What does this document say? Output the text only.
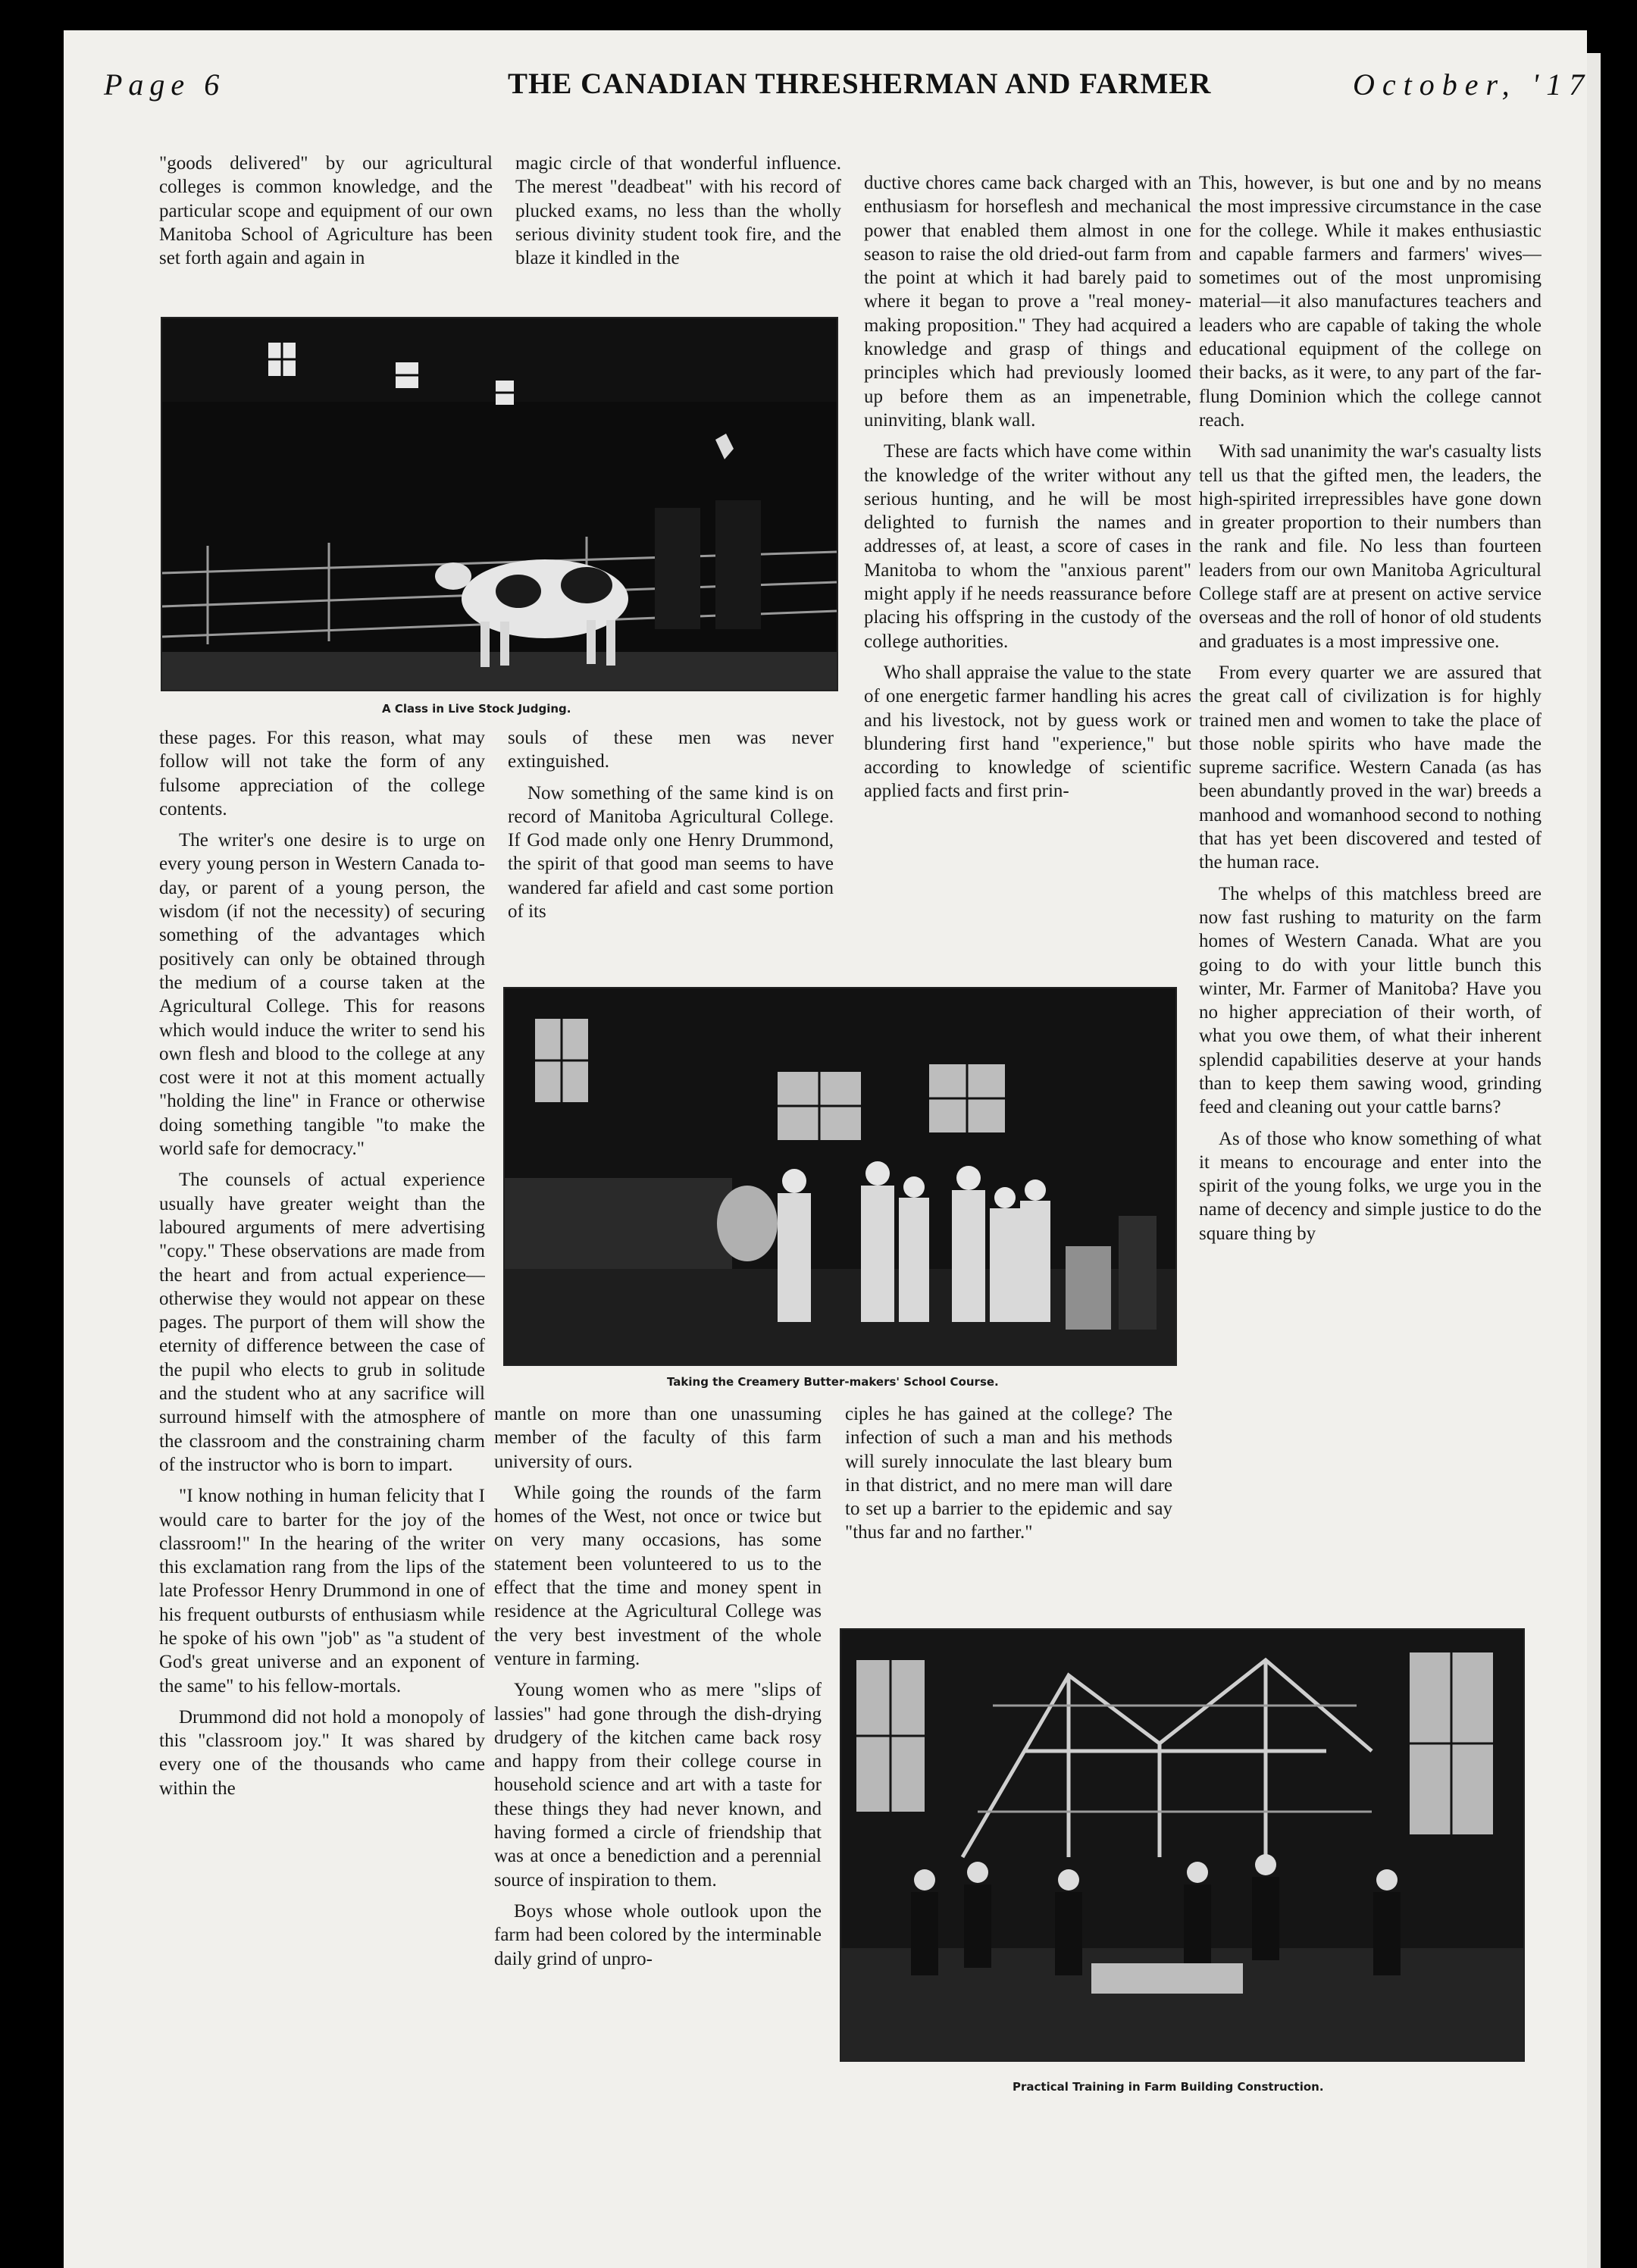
Page 6	THE CANADIAN THRESHERMAN AND FARMER	October, '17

"goods delivered" by our agricultural colleges is common knowledge, and the particular scope and equipment of our own Manitoba School of Agriculture has been set forth again and again in

magic circle of that wonderful influence. The merest "deadbeat" with his record of plucked exams, no less than the wholly serious divinity student took fire, and the blaze it kindled in the

A Class in Live Stock Judging.

these pages. For this reason, what may follow will not take the form of any fulsome appreciation of the college contents.

The writer's one desire is to urge on every young person in Western Canada to-day, or parent of a young person, the wisdom (if not the necessity) of securing something of the advantages which positively can only be obtained through the medium of a course taken at the Agricultural College. This for reasons which would induce the writer to send his own flesh and blood to the college at any cost were it not at this moment actually "holding the line" in France or otherwise doing something tangible "to make the world safe for democracy."

The counsels of actual experience usually have greater weight than the laboured arguments of mere advertising "copy." These observations are made from the heart and from actual experience—otherwise they would not appear on these pages. The purport of them will show the eternity of difference between the case of the pupil who elects to grub in solitude and the student who at any sacrifice will surround himself with the atmosphere of the classroom and the constraining charm of the instructor who is born to impart.

"I know nothing in human felicity that I would care to barter for the joy of the classroom!" In the hearing of the writer this exclamation rang from the lips of the late Professor Henry Drummond in one of his frequent outbursts of enthusiasm while he spoke of his own "job" as "a student of God's great universe and an exponent of the same" to his fellow-mortals.

Drummond did not hold a monopoly of this "classroom joy." It was shared by every one of the thousands who came within the

souls of these men was never extinguished.

Now something of the same kind is on record of Manitoba Agricultural College. If God made only one Henry Drummond, the spirit of that good man seems to have wandered far afield and cast some portion of its

ductive chores came back charged with an enthusiasm for horseflesh and mechanical power that enabled them almost in one season to raise the old dried-out farm from the point at which it had barely paid to where it began to prove a "real money-making proposition." They had acquired a knowledge and grasp of things and principles which had previously loomed up before them as an impenetrable, uninviting, blank wall.

These are facts which have come within the knowledge of the writer without any serious hunting, and he will be most delighted to furnish the names and addresses of, at least, a score of cases in Manitoba to whom the "anxious parent" might apply if he needs reassurance before placing his offspring in the custody of the college authorities.

Who shall appraise the value to the state of one energetic farmer handling his acres and his livestock, not by guess work or blundering first hand "experience," but according to knowledge of scientific applied facts and first prin-

Taking the Creamery Butter-makers' School Course.

mantle on more than one unassuming member of the faculty of this farm university of ours.

While going the rounds of the farm homes of the West, not once or twice but on very many occasions, has some statement been volunteered to us to the effect that the time and money spent in residence at the Agricultural College was the very best investment of the whole venture in farming.

Young women who as mere "slips of lassies" had gone through the dish-drying drudgery of the kitchen came back rosy and happy from their college course in household science and art with a taste for these things they had never known, and having formed a circle of friendship that was at once a benediction and a perennial source of inspiration to them.

Boys whose whole outlook upon the farm had been colored by the interminable daily grind of unpro-

ciples he has gained at the college? The infection of such a man and his methods will surely innoculate the last bleary bum in that district, and no mere man will dare to set up a barrier to the epidemic and say "thus far and no farther."

This, however, is but one and by no means the most impressive circumstance in the case for the college. While it makes enthusiastic and capable farmers and farmers' wives—sometimes out of the most unpromising material—it also manufactures teachers and leaders who are capable of taking the whole educational equipment of the college on their backs, as it were, to any part of the far-flung Dominion which the college cannot reach.

With sad unanimity the war's casualty lists tell us that the gifted men, the leaders, the high-spirited irrepressibles have gone down in greater proportion to their numbers than the rank and file. No less than fourteen leaders from our own Manitoba Agricultural College staff are at present on active service overseas and the roll of honor of old students and graduates is a most impressive one.

From every quarter we are assured that the great call of civilization is for highly trained men and women to take the place of those noble spirits who have made the supreme sacrifice. Western Canada (as has been abundantly proved in the war) breeds a manhood and womanhood second to nothing that has yet been discovered and tested of the human race.

The whelps of this matchless breed are now fast rushing to maturity on the farm homes of Western Canada. What are you going to do with your little bunch this winter, Mr. Farmer of Manitoba? Have you no higher appreciation of their worth, of what you owe them, of what their inherent splendid capabilities deserve at your hands than to keep them sawing wood, grinding feed and cleaning out your cattle barns?

As of those who know something of what it means to encourage and enter into the spirit of the young folks, we urge you in the name of decency and simple justice to do the square thing by

Practical Training in Farm Building Construction.
